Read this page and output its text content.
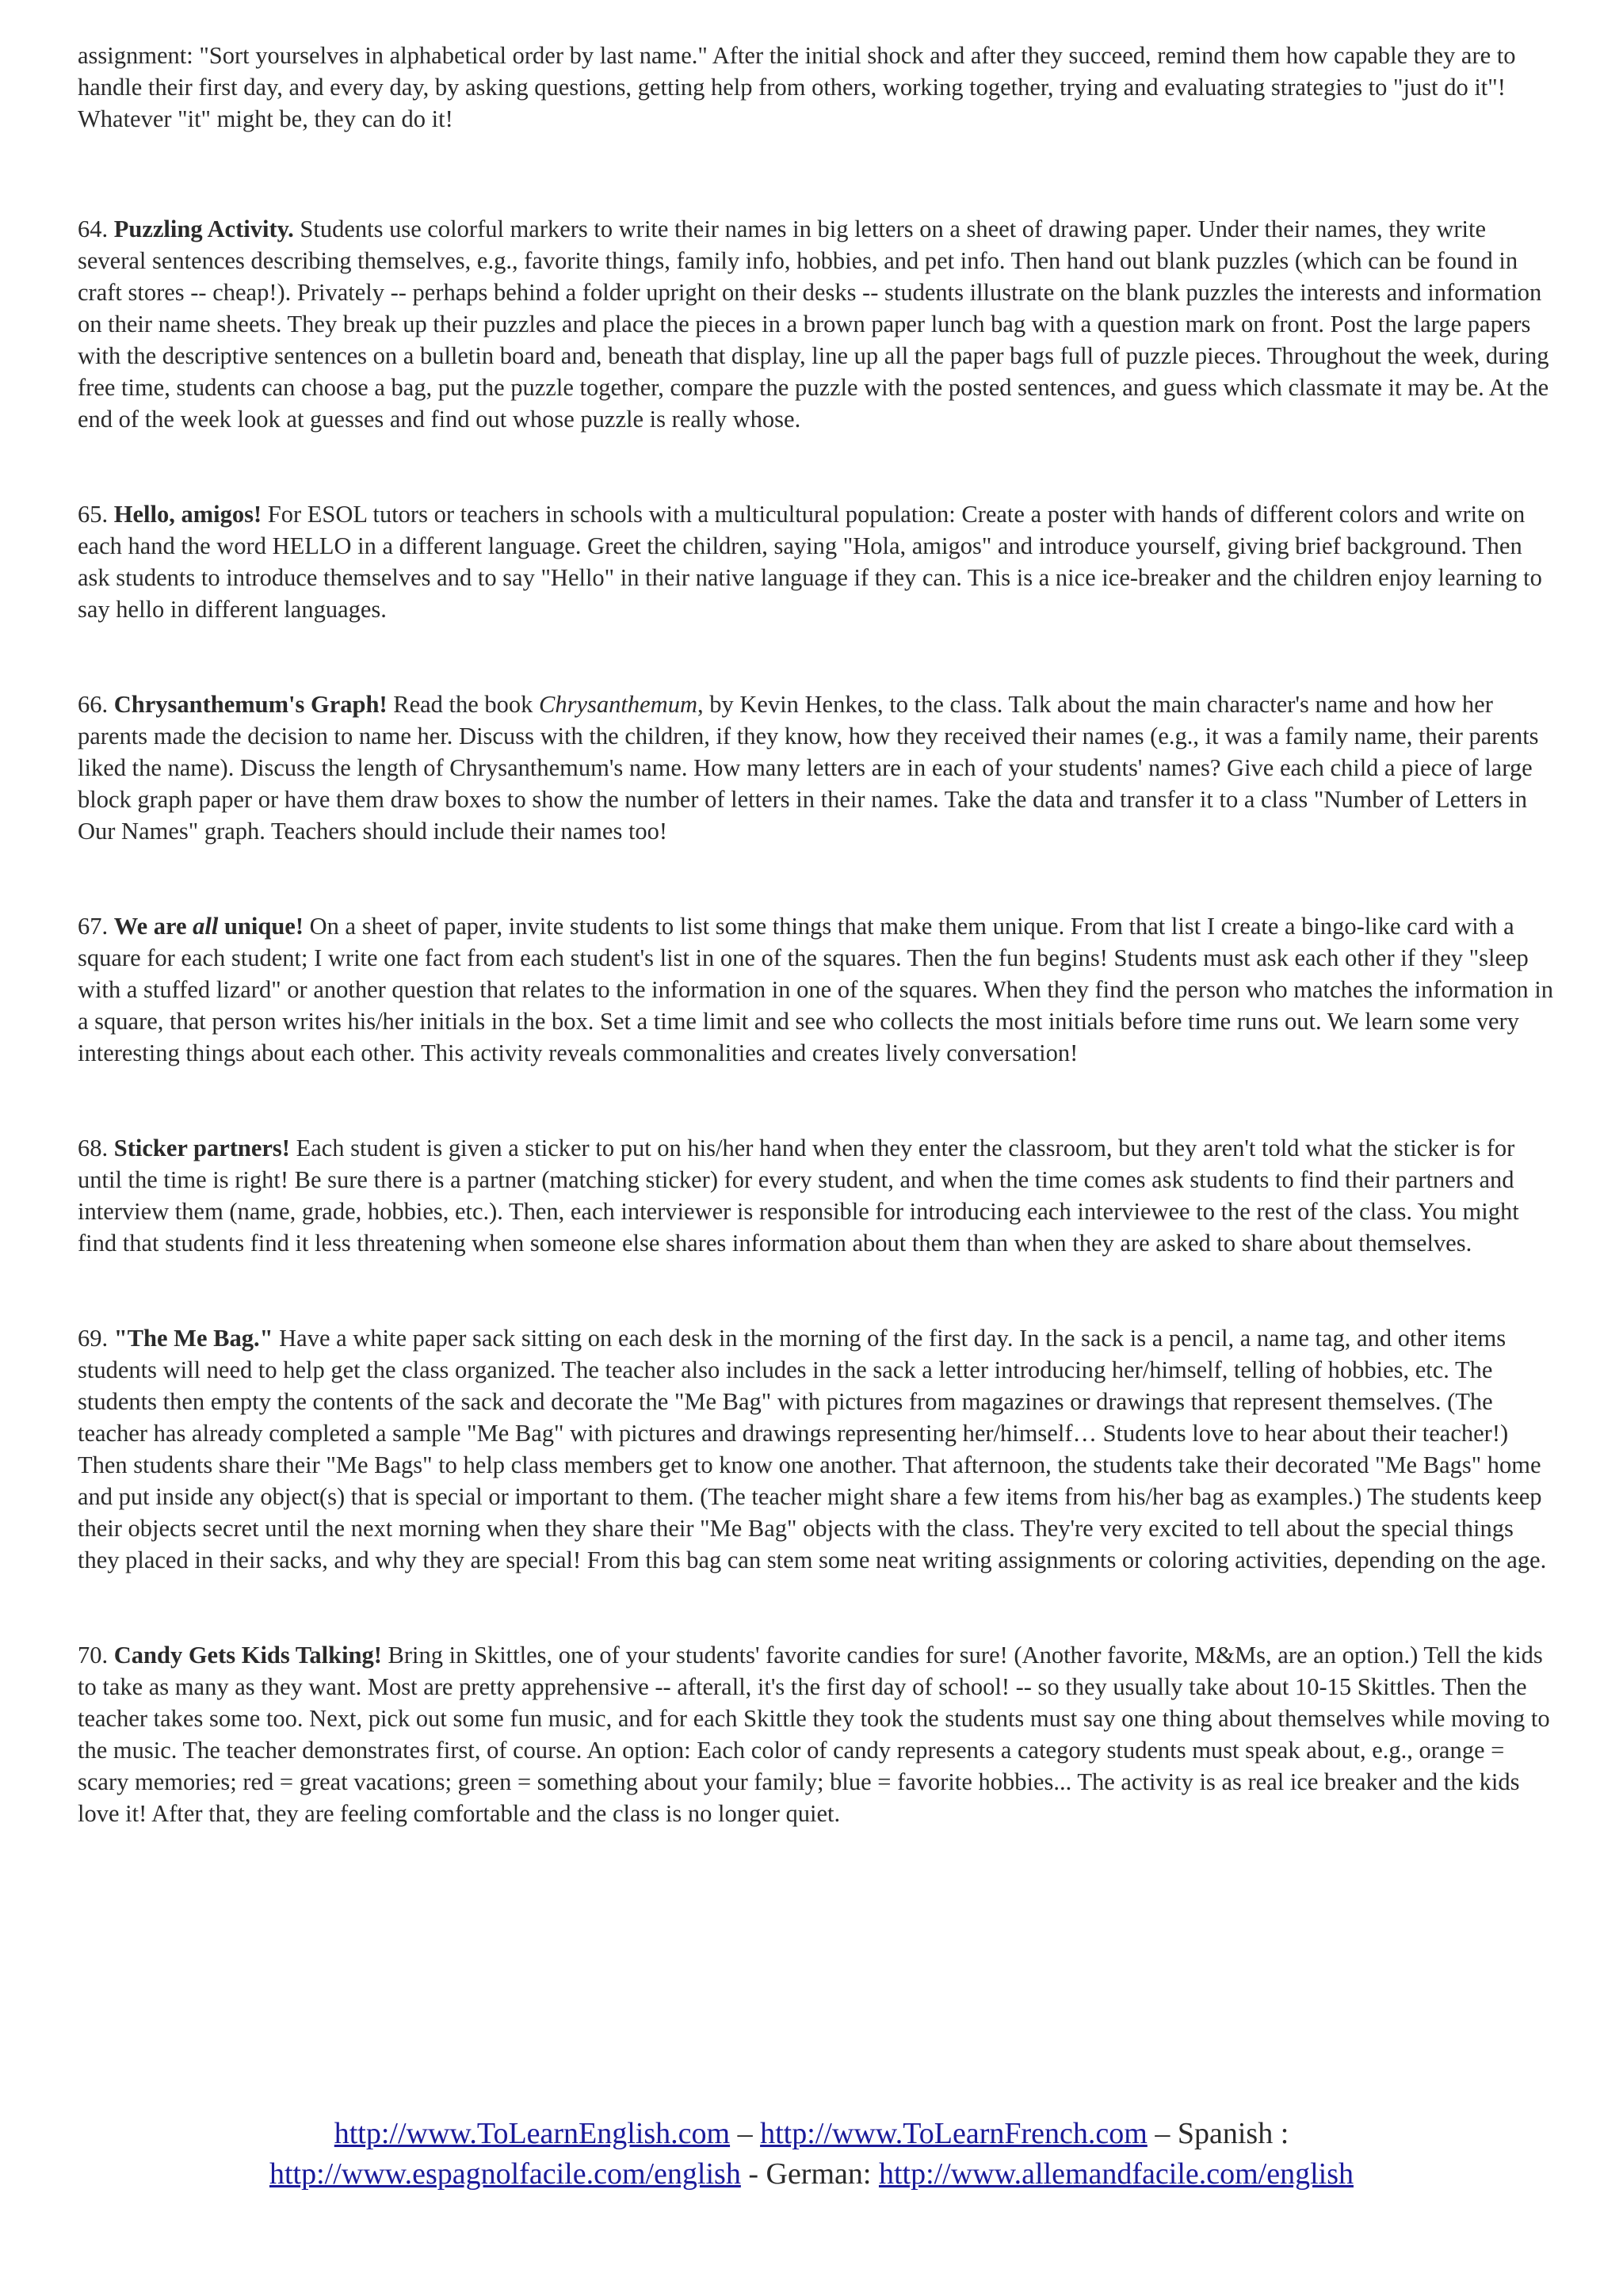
assignment: "Sort yourselves in alphabetical order by last name." After the initial shock and after they succeed, remind them how capable they are to handle their first day, and every day, by asking questions, getting help from others, working together, trying and evaluating strategies to "just do it"! Whatever "it" might be, they can do it!

64. Puzzling Activity. Students use colorful markers to write their names in big letters on a sheet of drawing paper. Under their names, they write several sentences describing themselves, e.g., favorite things, family info, hobbies, and pet info. Then hand out blank puzzles (which can be found in craft stores -- cheap!). Privately -- perhaps behind a folder upright on their desks -- students illustrate on the blank puzzles the interests and information on their name sheets. They break up their puzzles and place the pieces in a brown paper lunch bag with a question mark on front. Post the large papers with the descriptive sentences on a bulletin board and, beneath that display, line up all the paper bags full of puzzle pieces. Throughout the week, during free time, students can choose a bag, put the puzzle together, compare the puzzle with the posted sentences, and guess which classmate it may be. At the end of the week look at guesses and find out whose puzzle is really whose.

65. Hello, amigos! For ESOL tutors or teachers in schools with a multicultural population: Create a poster with hands of different colors and write on each hand the word HELLO in a different language. Greet the children, saying "Hola, amigos" and introduce yourself, giving brief background. Then ask students to introduce themselves and to say "Hello" in their native language if they can. This is a nice ice-breaker and the children enjoy learning to say hello in different languages.

66. Chrysanthemum's Graph! Read the book Chrysanthemum, by Kevin Henkes, to the class. Talk about the main character's name and how her parents made the decision to name her. Discuss with the children, if they know, how they received their names (e.g., it was a family name, their parents liked the name). Discuss the length of Chrysanthemum's name. How many letters are in each of your students' names? Give each child a piece of large block graph paper or have them draw boxes to show the number of letters in their names. Take the data and transfer it to a class "Number of Letters in Our Names" graph. Teachers should include their names too!

67. We are all unique! On a sheet of paper, invite students to list some things that make them unique. From that list I create a bingo-like card with a square for each student; I write one fact from each student's list in one of the squares. Then the fun begins! Students must ask each other if they "sleep with a stuffed lizard" or another question that relates to the information in one of the squares. When they find the person who matches the information in a square, that person writes his/her initials in the box. Set a time limit and see who collects the most initials before time runs out. We learn some very interesting things about each other. This activity reveals commonalities and creates lively conversation!

68. Sticker partners! Each student is given a sticker to put on his/her hand when they enter the classroom, but they aren't told what the sticker is for until the time is right! Be sure there is a partner (matching sticker) for every student, and when the time comes ask students to find their partners and interview them (name, grade, hobbies, etc.). Then, each interviewer is responsible for introducing each interviewee to the rest of the class. You might find that students find it less threatening when someone else shares information about them than when they are asked to share about themselves.

69. "The Me Bag." Have a white paper sack sitting on each desk in the morning of the first day. In the sack is a pencil, a name tag, and other items students will need to help get the class organized. The teacher also includes in the sack a letter introducing her/himself, telling of hobbies, etc. The students then empty the contents of the sack and decorate the "Me Bag" with pictures from magazines or drawings that represent themselves. (The teacher has already completed a sample "Me Bag" with pictures and drawings representing her/himself… Students love to hear about their teacher!) Then students share their "Me Bags" to help class members get to know one another. That afternoon, the students take their decorated "Me Bags" home and put inside any object(s) that is special or important to them. (The teacher might share a few items from his/her bag as examples.) The students keep their objects secret until the next morning when they share their "Me Bag" objects with the class. They're very excited to tell about the special things they placed in their sacks, and why they are special! From this bag can stem some neat writing assignments or coloring activities, depending on the age.

70. Candy Gets Kids Talking! Bring in Skittles, one of your students' favorite candies for sure! (Another favorite, M&Ms, are an option.) Tell the kids to take as many as they want. Most are pretty apprehensive -- afterall, it's the first day of school! -- so they usually take about 10-15 Skittles. Then the teacher takes some too. Next, pick out some fun music, and for each Skittle they took the students must say one thing about themselves while moving to the music. The teacher demonstrates first, of course. An option: Each color of candy represents a category students must speak about, e.g., orange = scary memories; red = great vacations; green = something about your family; blue = favorite hobbies... The activity is as real ice breaker and the kids love it! After that, they are feeling comfortable and the class is no longer quiet.

http://www.ToLearnEnglish.com – http://www.ToLearnFrench.com – Spanish :
http://www.espagnolfacile.com/english - German: http://www.allemandfacile.com/english
